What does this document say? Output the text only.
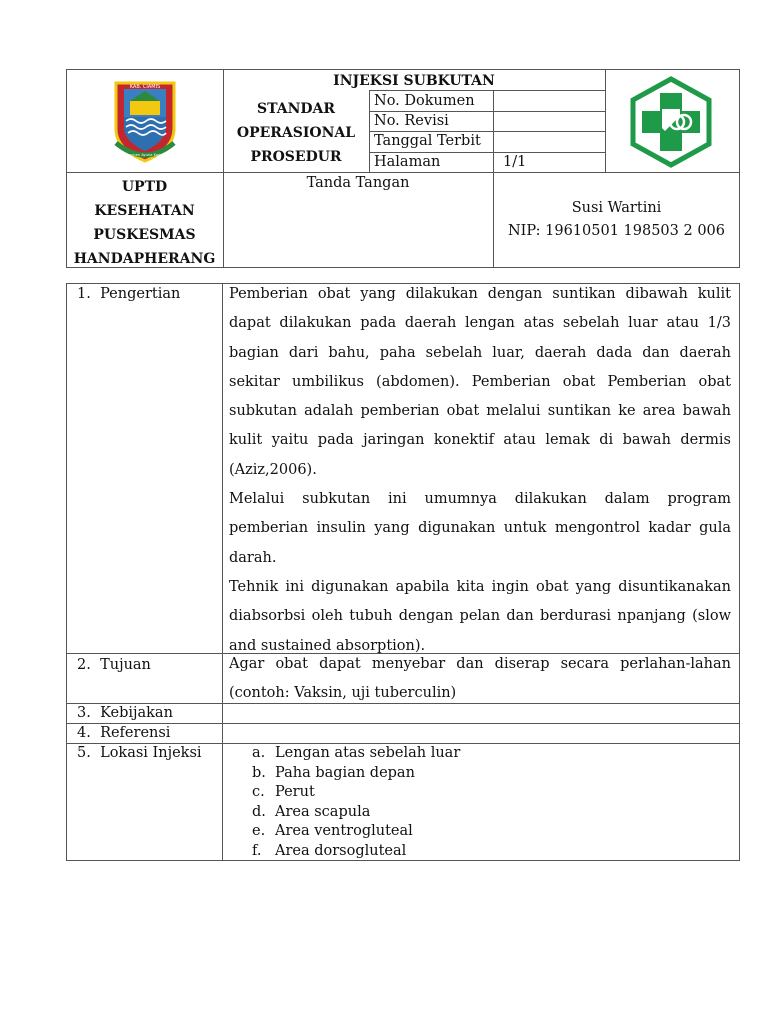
KAB. CIAMIS
Mahayuhen Ayuna Kadatuan
INJEKSI SUBKUTAN
STANDAR
OPERASIONAL
PROSEDUR
No. Dokumen
No. Revisi
Tanggal Terbit
Halaman	1/1
UPTD
KESEHATAN
PUSKESMAS
HANDAPHERANG
Tanda Tangan
Susi Wartini
NIP: 19610501 198503 2 006
1. Pengertian
2. Tujuan
3. Kebijakan
4. Referensi
5. Lokasi Injeksi

Pemberian obat yang dilakukan dengan suntikan dibawah kulit dapat dilakukan pada daerah lengan atas sebelah luar atau 1/3 bagian dari bahu, paha sebelah luar, daerah dada dan daerah sekitar umbilikus (abdomen). Pemberian obat Pemberian obat subkutan adalah pemberian obat melalui suntikan ke area bawah kulit yaitu pada jaringan konektif atau lemak di bawah dermis (Aziz,2006).

Melalui subkutan ini umumnya dilakukan dalam program pemberian insulin yang digunakan untuk mengontrol kadar gula darah.

Tehnik ini digunakan apabila kita ingin obat yang disuntikanakan diabsorbsi oleh tubuh dengan pelan dan berdurasi npanjang (slow and sustained absorption).

Agar obat dapat menyebar dan diserap secara perlahan-lahan (contoh: Vaksin, uji tuberculin)
a. Lengan atas sebelah luar
b. Paha bagian depan
c. Perut
d. Area scapula
e. Area ventrogluteal
f. Area dorsogluteal
